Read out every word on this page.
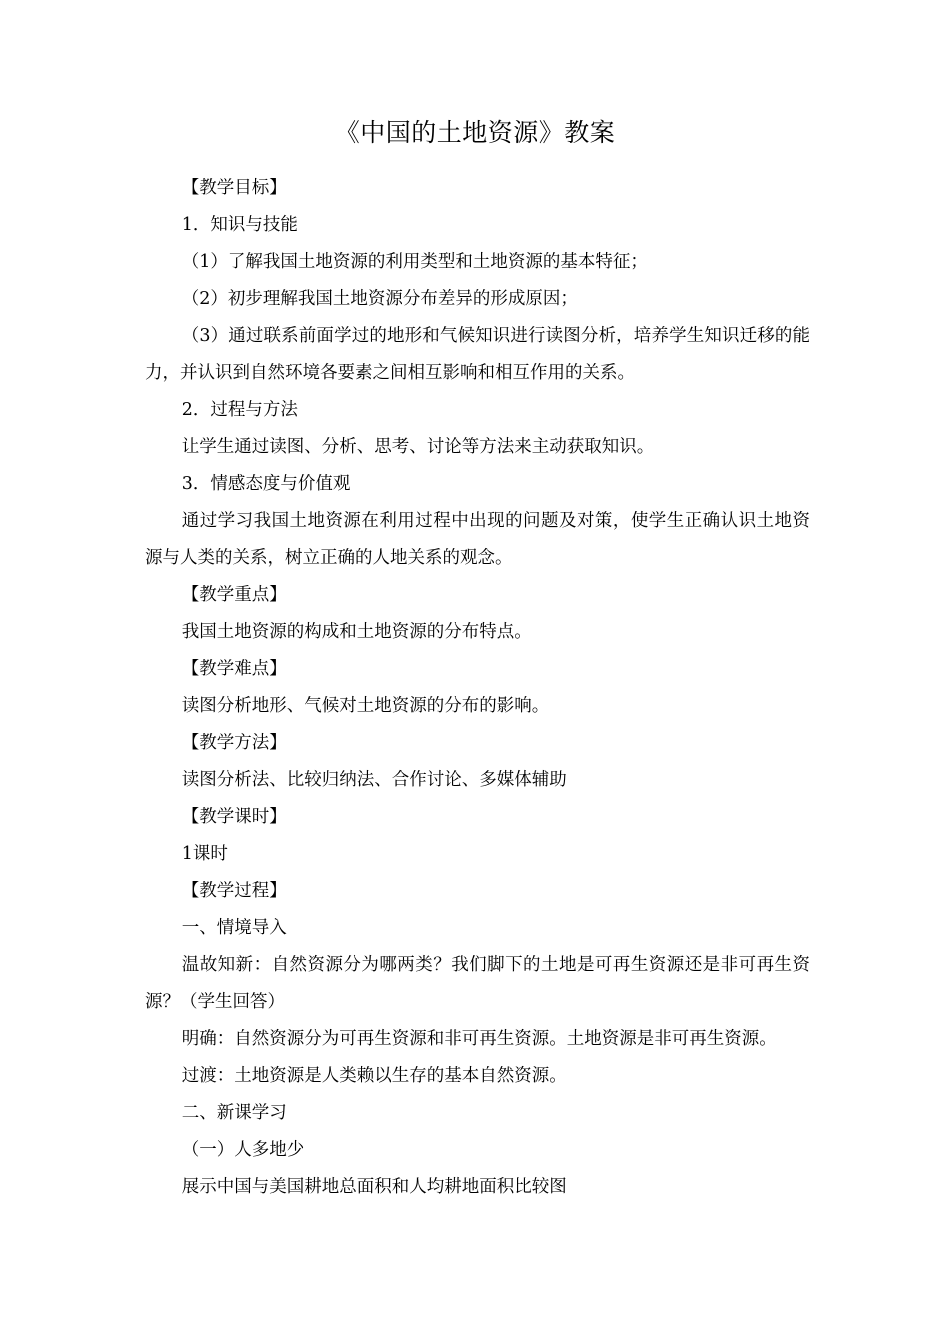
《中国的土地资源》教案

【教学目标】

1．知识与技能

（1）了解我国土地资源的利用类型和土地资源的基本特征；

（2）初步理解我国土地资源分布差异的形成原因；

（3）通过联系前面学过的地形和气候知识进行读图分析，培养学生知识迁移的能力，并认识到自然环境各要素之间相互影响和相互作用的关系。

2．过程与方法

让学生通过读图、分析、思考、讨论等方法来主动获取知识。

3．情感态度与价值观

通过学习我国土地资源在利用过程中出现的问题及对策，使学生正确认识土地资源与人类的关系，树立正确的人地关系的观念。

【教学重点】

我国土地资源的构成和土地资源的分布特点。

【教学难点】

读图分析地形、气候对土地资源的分布的影响。

【教学方法】

读图分析法、比较归纳法、合作讨论、多媒体辅助

【教学课时】

1课时

【教学过程】

一、情境导入

温故知新：自然资源分为哪两类？我们脚下的土地是可再生资源还是非可再生资源？（学生回答）

明确：自然资源分为可再生资源和非可再生资源。土地资源是非可再生资源。

过渡：土地资源是人类赖以生存的基本自然资源。

二、新课学习

（一）人多地少

展示中国与美国耕地总面积和人均耕地面积比较图
